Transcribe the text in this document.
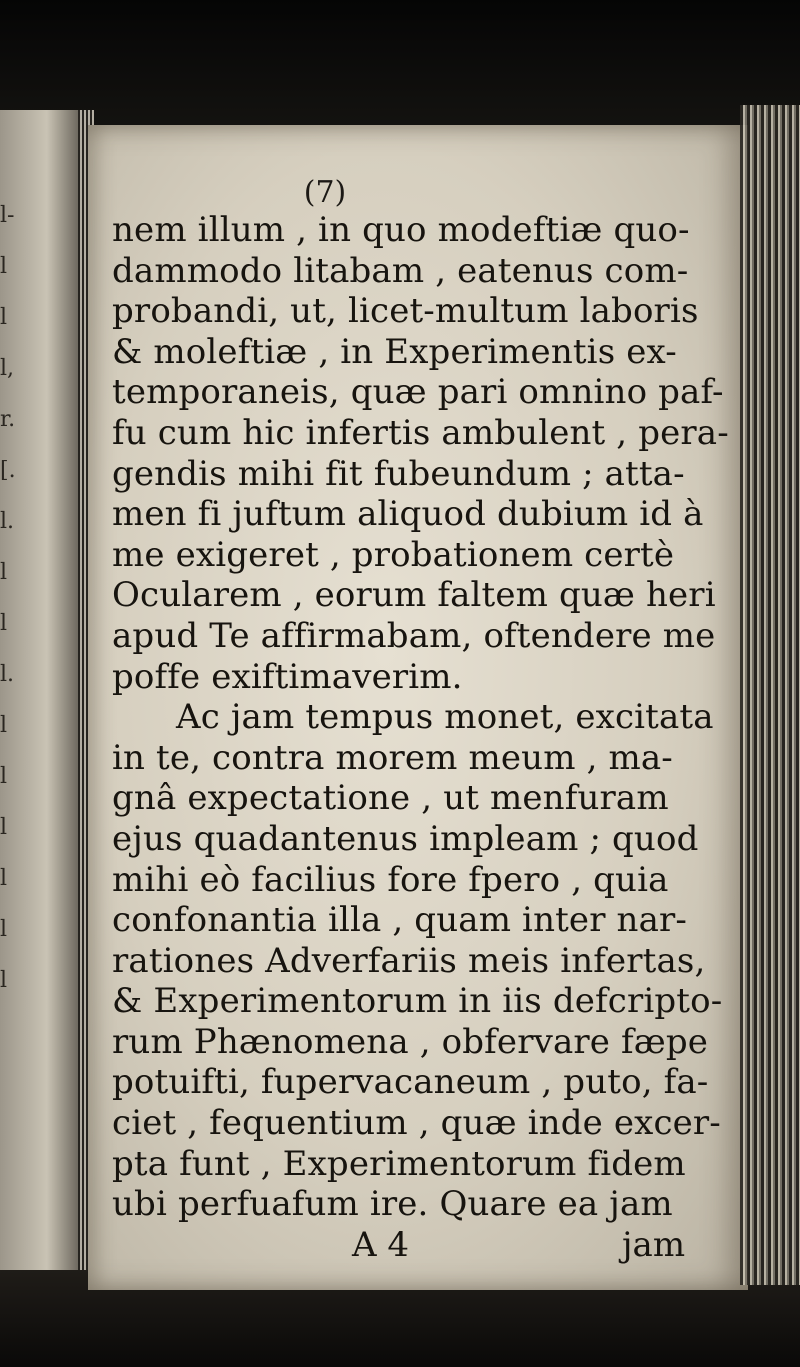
l-
l
l
l,
r.
[.
l.
l
l
l.
l
l
l
l
l
l
(7)
nem illum , in quo modeftiæ quo-
dammodo litabam , eatenus com-
probandi, ut, licet-multum laboris
& moleftiæ , in Experimentis ex-
temporaneis, quæ pari omnino paf-
fu cum hic infertis ambulent , pera-
gendis mihi fit fubeundum ; atta-
men fi juftum aliquod dubium id à
me exigeret , probationem certè
Ocularem , eorum faltem quæ heri
apud Te affirmabam, oftendere me
poffe exiftimaverim.
Ac jam tempus monet, excitata
in te, contra morem meum , ma-
gnâ expectatione , ut menfuram
ejus quadantenus impleam ; quod
mihi eò facilius fore fpero , quia
confonantia illa , quam inter nar-
rationes Adverfariis meis infertas,
& Experimentorum in iis defcripto-
rum Phænomena , obfervare fæpe
potuifti, fupervacaneum , puto, fa-
ciet , fequentium , quæ inde excer-
pta funt , Experimentorum fidem
ubi perfuafum ire. Quare ea jam
A 4	jam
